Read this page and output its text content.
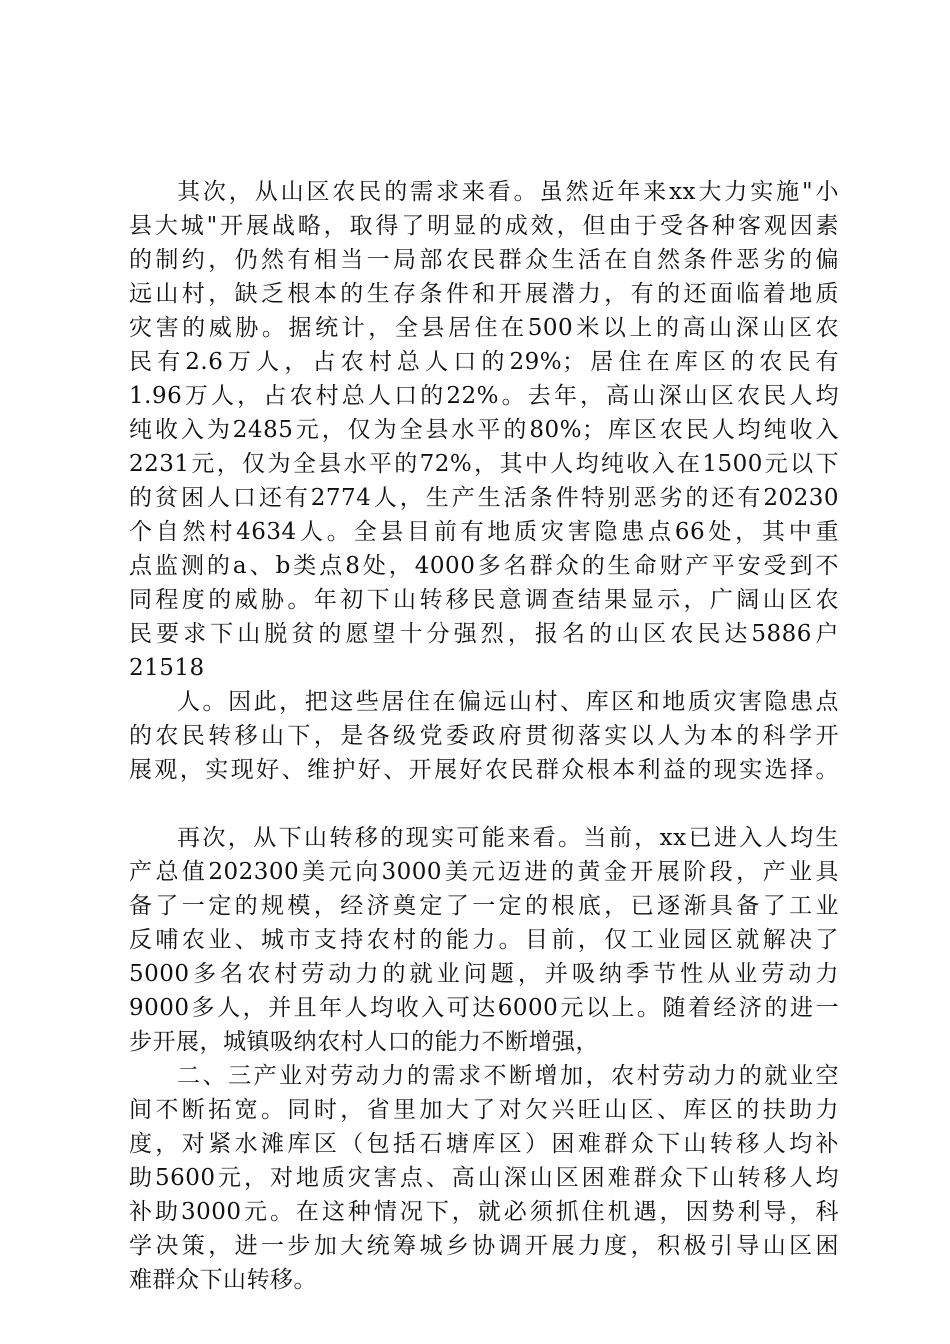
其次，从山区农民的需求来看。虽然近年来xx大力实施"小
县大城"开展战略，取得了明显的成效，但由于受各种客观因素
的制约，仍然有相当一局部农民群众生活在自然条件恶劣的偏
远山村，缺乏根本的生存条件和开展潜力，有的还面临着地质
灾害的威胁。据统计，全县居住在500米以上的高山深山区农
民有2.6万人，占农村总人口的29%；居住在库区的农民有
1.96万人，占农村总人口的22%。去年，高山深山区农民人均
纯收入为2485元，仅为全县水平的80%；库区农民人均纯收入
2231元，仅为全县水平的72%，其中人均纯收入在1500元以下
的贫困人口还有2774人，生产生活条件特别恶劣的还有20230
个自然村4634人。全县目前有地质灾害隐患点66处，其中重
点监测的a、b类点8处，4000多名群众的生命财产平安受到不
同程度的威胁。年初下山转移民意调查结果显示，广阔山区农
民要求下山脱贫的愿望十分强烈，报名的山区农民达5886户
21518
人。因此，把这些居住在偏远山村、库区和地质灾害隐患点
的农民转移山下，是各级党委政府贯彻落实以人为本的科学开
展观，实现好、维护好、开展好农民群众根本利益的现实选择。
再次，从下山转移的现实可能来看。当前，xx已进入人均生
产总值202300美元向3000美元迈进的黄金开展阶段，产业具
备了一定的规模，经济奠定了一定的根底，已逐渐具备了工业
反哺农业、城市支持农村的能力。目前，仅工业园区就解决了
5000多名农村劳动力的就业问题，并吸纳季节性从业劳动力
9000多人，并且年人均收入可达6000元以上。随着经济的进一
步开展，城镇吸纳农村人口的能力不断增强，
二、三产业对劳动力的需求不断增加，农村劳动力的就业空
间不断拓宽。同时，省里加大了对欠兴旺山区、库区的扶助力
度，对紧水滩库区（包括石塘库区）困难群众下山转移人均补
助5600元，对地质灾害点、高山深山区困难群众下山转移人均
补助3000元。在这种情况下，就必须抓住机遇，因势利导，科
学决策，进一步加大统筹城乡协调开展力度，积极引导山区困
难群众下山转移。
